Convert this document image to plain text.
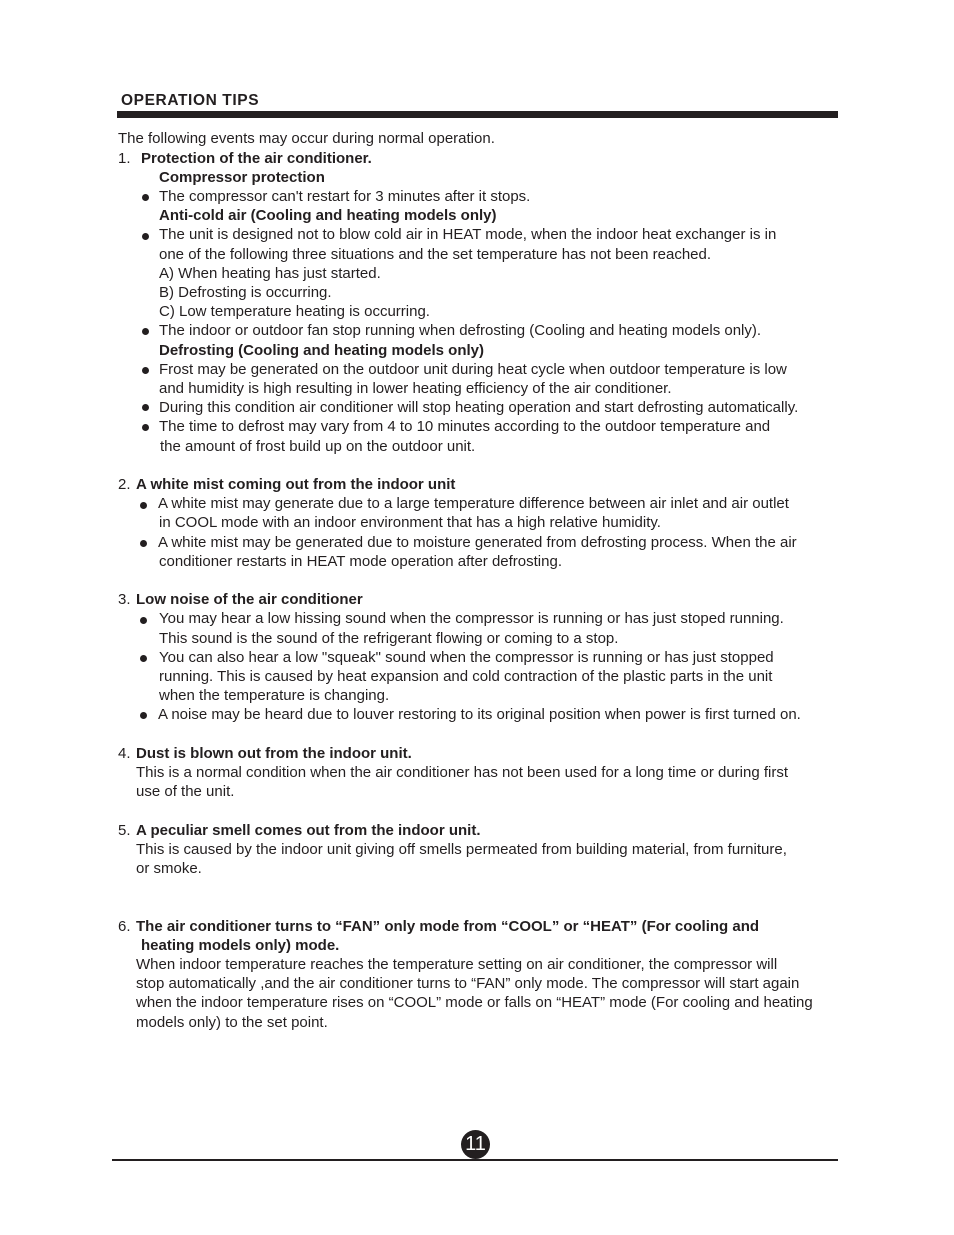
OPERATION TIPS
The following events may occur during normal operation.
1. Protection of the air conditioner.
Compressor protection
The compressor can't restart for 3 minutes after it stops.
Anti-cold air (Cooling and heating models only)
The unit is designed not to blow cold air in HEAT mode, when the indoor heat exchanger is in
one of the following three situations and the set temperature has not been reached.
A) When heating has just started.
B) Defrosting is occurring.
C) Low temperature heating is occurring.
The indoor or outdoor fan stop running when defrosting (Cooling and heating models only).
Defrosting (Cooling and heating models only)
Frost may be generated on the outdoor unit during heat cycle when outdoor temperature is low
and humidity is high resulting in lower heating efficiency of the air conditioner.
During this condition air conditioner will stop heating operation and start defrosting automatically.
The time to defrost may vary from 4 to 10 minutes according to the outdoor temperature and
the amount of frost build up on the outdoor unit.
2. A white mist coming out from the indoor unit
A white mist may generate due to a large temperature difference between air inlet and air outlet
in COOL mode with an indoor environment that has a high relative humidity.
A white mist may be generated due to moisture generated from defrosting process. When the air
conditioner restarts in HEAT mode operation after defrosting.
3. Low noise of the air conditioner
You may hear a low hissing sound when the compressor is running or has just stoped running.
This sound is the sound of the refrigerant flowing or coming to a stop.
You can also hear a low "squeak" sound when the compressor is running or has just stopped
running. This is caused by heat expansion and cold contraction of the plastic parts in the unit
when the temperature is changing.
A noise may be heard due to louver restoring to its original position when power is first turned on.
4. Dust is blown out from the indoor unit.
This is a normal condition when the air conditioner has not been used for a long time or during first
use of the unit.
5. A peculiar smell comes out from the indoor unit.
This is caused by the indoor unit giving off smells permeated from building material, from furniture,
or smoke.
6. The air conditioner turns to “FAN” only mode from “COOL” or “HEAT” (For cooling and
heating models only) mode.
When indoor temperature reaches the temperature setting on air conditioner, the compressor will
stop automatically ,and the air conditioner turns to “FAN” only mode. The compressor will start again
when the indoor temperature rises on “COOL” mode or falls on “HEAT” mode (For cooling and heating
models only) to the set point.
11
